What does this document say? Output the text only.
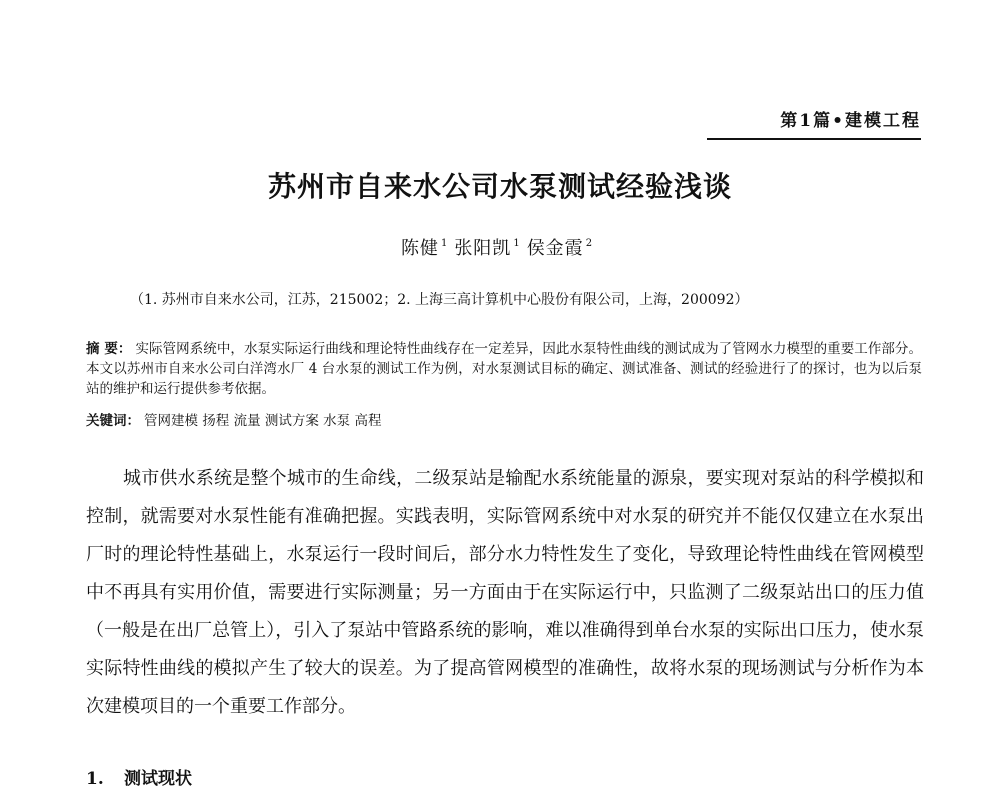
第1篇•建模工程
苏州市自来水公司水泵测试经验浅谈
陈健 $^1$ 张阳凯 $^1$ 侯金霞 $^2$
（1. 苏州市自来水公司，江苏，215002；2. 上海三高计算机中心股份有限公司，上海，200092）
摘 要： 实际管网系统中，水泵实际运行曲线和理论特性曲线存在一定差异，因此水泵特性曲线的测试成为了管网水力模型的重要工作部分。本文以苏州市自来水公司白洋湾水厂 4 台水泵的测试工作为例，对水泵测试目标的确定、测试准备、测试的经验进行了的探讨，也为以后泵站的维护和运行提供参考依据。
关键词： 管网建模 扬程 流量 测试方案 水泵 高程

城市供水系统是整个城市的生命线，二级泵站是输配水系统能量的源泉，要实现对泵站的科学模拟和控制，就需要对水泵性能有准确把握。实践表明，实际管网系统中对水泵的研究并不能仅仅建立在水泵出厂时的理论特性基础上，水泵运行一段时间后，部分水力特性发生了变化，导致理论特性曲线在管网模型中不再具有实用价值，需要进行实际测量；另一方面由于在实际运行中，只监测了二级泵站出口的压力值（一般是在出厂总管上），引入了泵站中管路系统的影响，难以准确得到单台水泵的实际出口压力，使水泵实际特性曲线的模拟产生了较大的误差。为了提高管网模型的准确性，故将水泵的现场测试与分析作为本次建模项目的一个重要工作部分。

1. 测试现状
